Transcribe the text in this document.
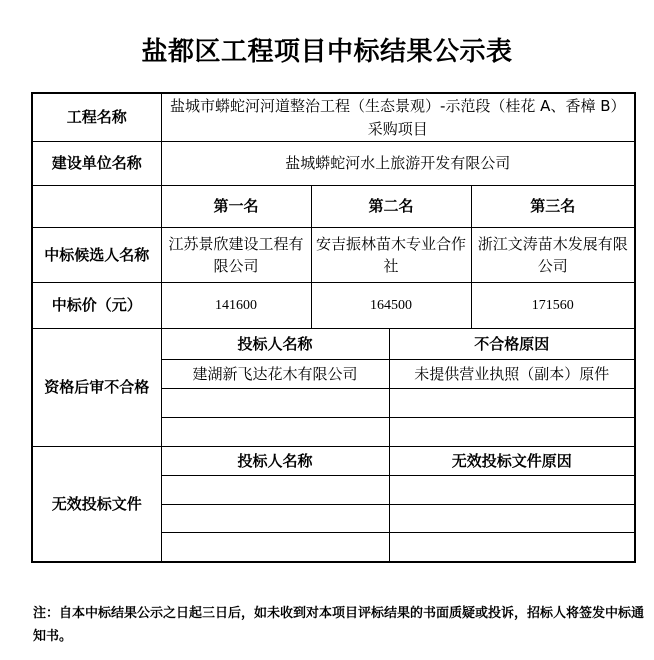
盐都区工程项目中标结果公示表
工程名称	盐城市蟒蛇河河道整治工程（生态景观）-示范段（桂花 A、香樟 B）采购项目			
建设单位名称	盐城蟒蛇河水上旅游开发有限公司			
	第一名	第二名		第三名
中标候选人名称	江苏景欣建设工程有限公司	安吉振林苗木专业合作社		浙江文涛苗木发展有限公司
中标价（元）	141600	164500		171560
资格后审不合格	投标人名称		不合格原因	
	建湖新飞达花木有限公司		未提供营业执照（副本）原件	

无效投标文件	投标人名称		无效投标文件原因	

注：自本中标结果公示之日起三日后，如未收到对本项目评标结果的书面质疑或投诉，招标人将签发中标通知书。
